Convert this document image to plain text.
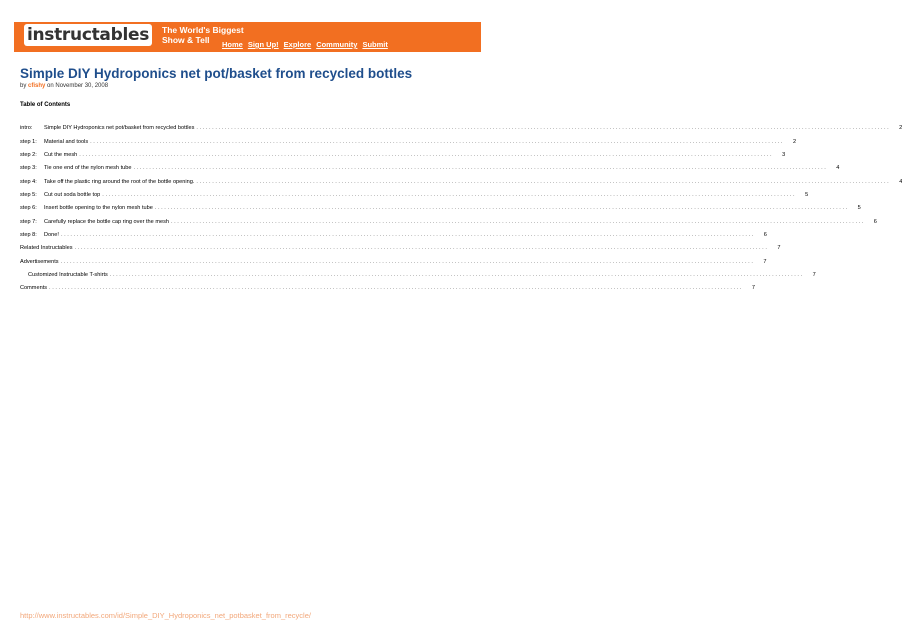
instructables The World's Biggest
Show & Tell	Home Sign Up! Explore Community Submit
Simple DIY Hydroponics net pot/basket from recycled bottles
by cfishy on November 30, 2008
Table of Contents
intro:	Simple DIY Hydroponics net pot/basket from recycled bottles ............................................................................................................................................................................................................................	2
step 1:	Material and tools ............................................................................................................................................................................................................................	2
step 2:	Cut the mesh ............................................................................................................................................................................................................................	3
step 3:	Tie one end of the nylon mesh tube ............................................................................................................................................................................................................................	4
step 4:	Take off the plastic ring around the root of the bottle opening. ............................................................................................................................................................................................................................	4
step 5:	Cut out soda bottle top ............................................................................................................................................................................................................................	5
step 6:	Insert bottle opening to the nylon mesh tube ............................................................................................................................................................................................................................	5
step 7:	Carefully replace the bottle cap ring over the mesh ............................................................................................................................................................................................................................	6
step 8:	Done! ............................................................................................................................................................................................................................	6
Related Instructables ............................................................................................................................................................................................................................	7
Advertisements ............................................................................................................................................................................................................................	7
Customized Instructable T-shirts ............................................................................................................................................................................................................................	7
Comments ............................................................................................................................................................................................................................	7
http://www.instructables.com/id/Simple_DIY_Hydroponics_net_potbasket_from_recycle/
